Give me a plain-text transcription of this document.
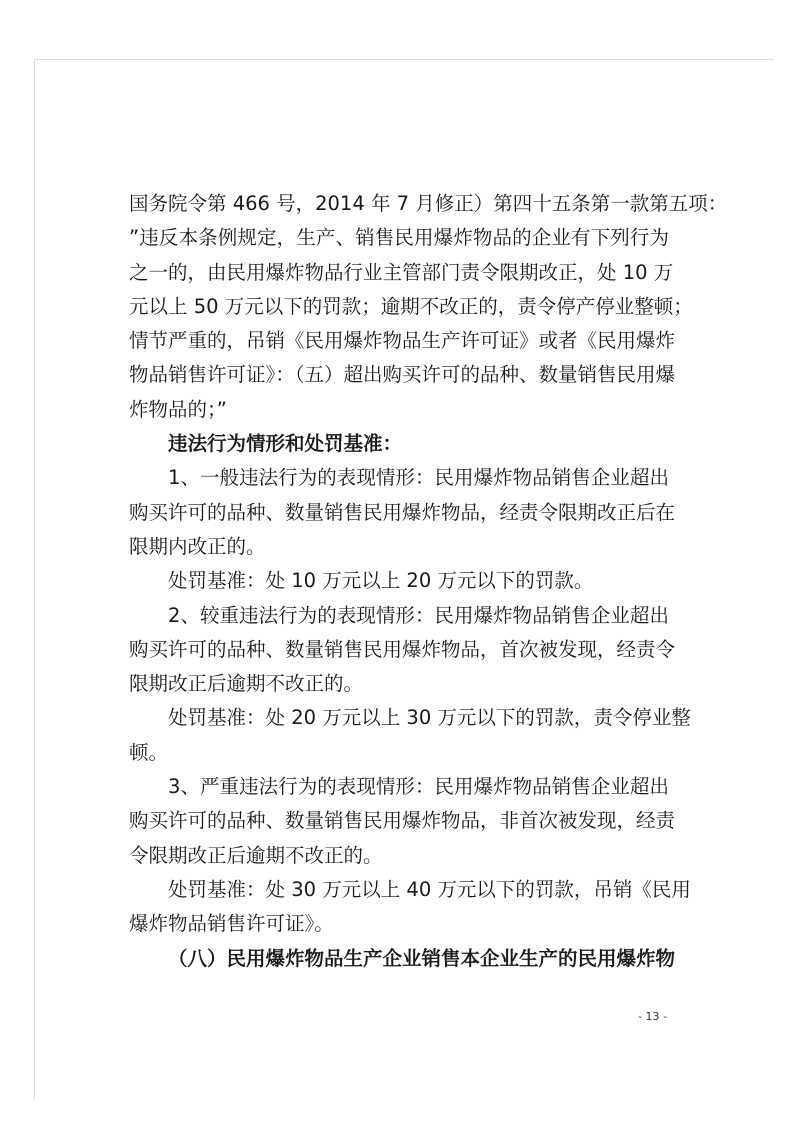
国务院令第 466 号，2014 年 7 月修正）第四十五条第一款第五项：
”违反本条例规定，生产、销售民用爆炸物品的企业有下列行为
之一的，由民用爆炸物品行业主管部门责令限期改正，处 10 万
元以上 50 万元以下的罚款；逾期不改正的，责令停产停业整顿；
情节严重的，吊销《民用爆炸物品生产许可证》或者《民用爆炸
物品销售许可证》：（五）超出购买许可的品种、数量销售民用爆
炸物品的；”
违法行为情形和处罚基准：
1、一般违法行为的表现情形：民用爆炸物品销售企业超出
购买许可的品种、数量销售民用爆炸物品，经责令限期改正后在
限期内改正的。
处罚基准：处 10 万元以上 20 万元以下的罚款。
2、较重违法行为的表现情形：民用爆炸物品销售企业超出
购买许可的品种、数量销售民用爆炸物品，首次被发现，经责令
限期改正后逾期不改正的。
处罚基准：处 20 万元以上 30 万元以下的罚款，责令停业整
顿。
3、严重违法行为的表现情形：民用爆炸物品销售企业超出
购买许可的品种、数量销售民用爆炸物品，非首次被发现，经责
令限期改正后逾期不改正的。
处罚基准：处 30 万元以上 40 万元以下的罚款，吊销《民用
爆炸物品销售许可证》。
（八）民用爆炸物品生产企业销售本企业生产的民用爆炸物
- 13 -
